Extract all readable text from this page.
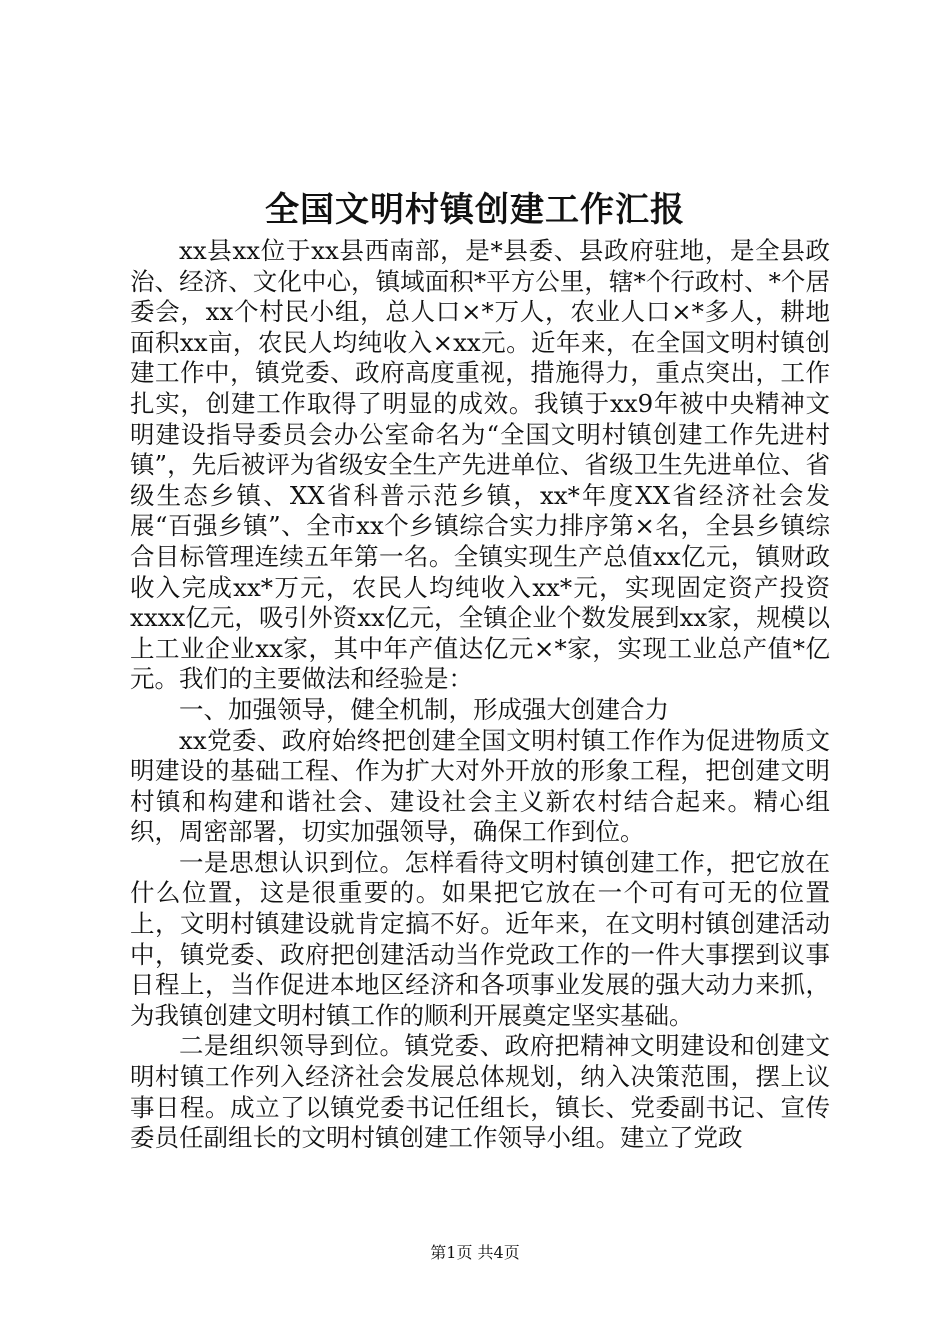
全国文明村镇创建工作汇报

xx县xx位于xx县西南部，是*县委、县政府驻地，是全县政治、经济、文化中心，镇域面积*平方公里，辖*个行政村、*个居委会，xx个村民小组，总人口×*万人，农业人口×*多人，耕地面积xx亩，农民人均纯收入×xx元。近年来，在全国文明村镇创建工作中，镇党委、政府高度重视，措施得力，重点突出，工作扎实，创建工作取得了明显的成效。我镇于xx9年被中央精神文明建设指导委员会办公室命名为“全国文明村镇创建工作先进村镇”，先后被评为省级安全生产先进单位、省级卫生先进单位、省级生态乡镇、XX省科普示范乡镇，xx*年度XX省经济社会发展“百强乡镇”、全市xx个乡镇综合实力排序第×名，全县乡镇综合目标管理连续五年第一名。全镇实现生产总值xx亿元，镇财政收入完成xx*万元，农民人均纯收入xx*元，实现固定资产投资xxxx亿元，吸引外资xx亿元，全镇企业个数发展到xx家，规模以上工业企业xx家，其中年产值达亿元×*家，实现工业总产值*亿元。我们的主要做法和经验是：

一、加强领导，健全机制，形成强大创建合力

xx党委、政府始终把创建全国文明村镇工作作为促进物质文明建设的基础工程、作为扩大对外开放的形象工程，把创建文明村镇和构建和谐社会、建设社会主义新农村结合起来。精心组织，周密部署，切实加强领导，确保工作到位。

一是思想认识到位。怎样看待文明村镇创建工作，把它放在什么位置，这是很重要的。如果把它放在一个可有可无的位置上，文明村镇建设就肯定搞不好。近年来，在文明村镇创建活动中，镇党委、政府把创建活动当作党政工作的一件大事摆到议事日程上，当作促进本地区经济和各项事业发展的强大动力来抓，为我镇创建文明村镇工作的顺利开展奠定坚实基础。

二是组织领导到位。镇党委、政府把精神文明建设和创建文明村镇工作列入经济社会发展总体规划，纳入决策范围，摆上议事日程。成立了以镇党委书记任组长，镇长、党委副书记、宣传委员任副组长的文明村镇创建工作领导小组。建立了党政

第1页 共4页
